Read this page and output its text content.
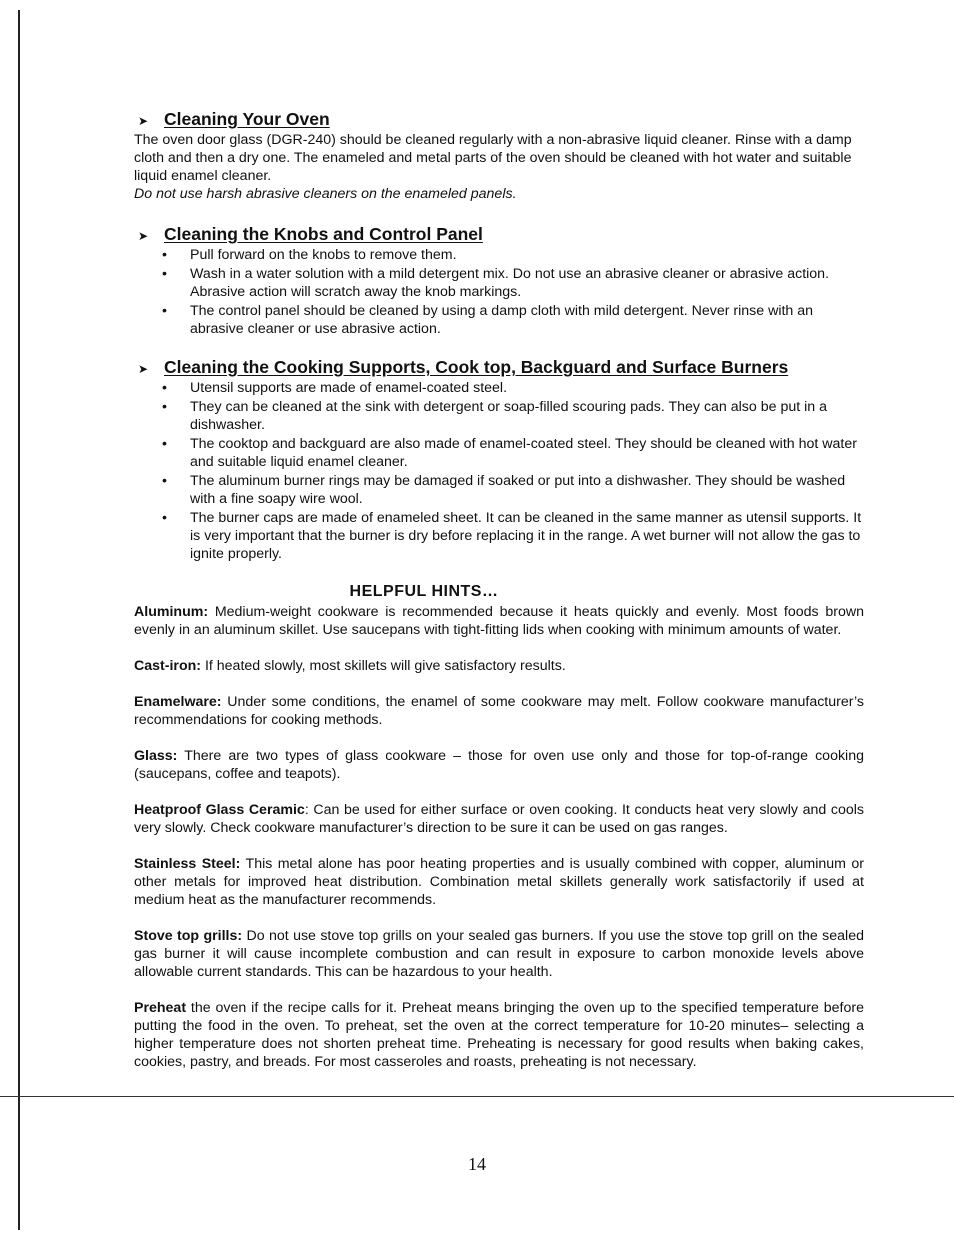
➤ Cleaning Your Oven

The oven door glass (DGR-240) should be cleaned regularly with a non-abrasive liquid cleaner. Rinse with a damp cloth and then a dry one. The enameled and metal parts of the oven should be cleaned with hot water and suitable liquid enamel cleaner.

Do not use harsh abrasive cleaners on the enameled panels.

➤ Cleaning the Knobs and Control Panel
• Pull forward on the knobs to remove them.
• Wash in a water solution with a mild detergent mix. Do not use an abrasive cleaner or abrasive action. Abrasive action will scratch away the knob markings.
• The control panel should be cleaned by using a damp cloth with mild detergent. Never rinse with an abrasive cleaner or use abrasive action.
➤ Cleaning the Cooking Supports, Cook top, Backguard and Surface Burners
• Utensil supports are made of enamel-coated steel.
• They can be cleaned at the sink with detergent or soap-filled scouring pads. They can also be put in a dishwasher.
• The cooktop and backguard are also made of enamel-coated steel. They should be cleaned with hot water and suitable liquid enamel cleaner.
• The aluminum burner rings may be damaged if soaked or put into a dishwasher. They should be washed with a fine soapy wire wool.
• The burner caps are made of enameled sheet. It can be cleaned in the same manner as utensil supports. It is very important that the burner is dry before replacing it in the range. A wet burner will not allow the gas to ignite properly.
HELPFUL HINTS…

Aluminum: Medium-weight cookware is recommended because it heats quickly and evenly. Most foods brown evenly in an aluminum skillet. Use saucepans with tight-fitting lids when cooking with minimum amounts of water.

Cast-iron: If heated slowly, most skillets will give satisfactory results.

Enamelware: Under some conditions, the enamel of some cookware may melt. Follow cookware manufacturer’s recommendations for cooking methods.

Glass: There are two types of glass cookware – those for oven use only and those for top-of-range cooking (saucepans, coffee and teapots).

Heatproof Glass Ceramic: Can be used for either surface or oven cooking. It conducts heat very slowly and cools very slowly. Check cookware manufacturer’s direction to be sure it can be used on gas ranges.

Stainless Steel: This metal alone has poor heating properties and is usually combined with copper, aluminum or other metals for improved heat distribution. Combination metal skillets generally work satisfactorily if used at medium heat as the manufacturer recommends.

Stove top grills: Do not use stove top grills on your sealed gas burners. If you use the stove top grill on the sealed gas burner it will cause incomplete combustion and can result in exposure to carbon monoxide levels above allowable current standards. This can be hazardous to your health.

Preheat the oven if the recipe calls for it. Preheat means bringing the oven up to the specified temperature before putting the food in the oven. To preheat, set the oven at the correct temperature for 10-20 minutes– selecting a higher temperature does not shorten preheat time. Preheating is necessary for good results when baking cakes, cookies, pastry, and breads. For most casseroles and roasts, preheating is not necessary.

14
